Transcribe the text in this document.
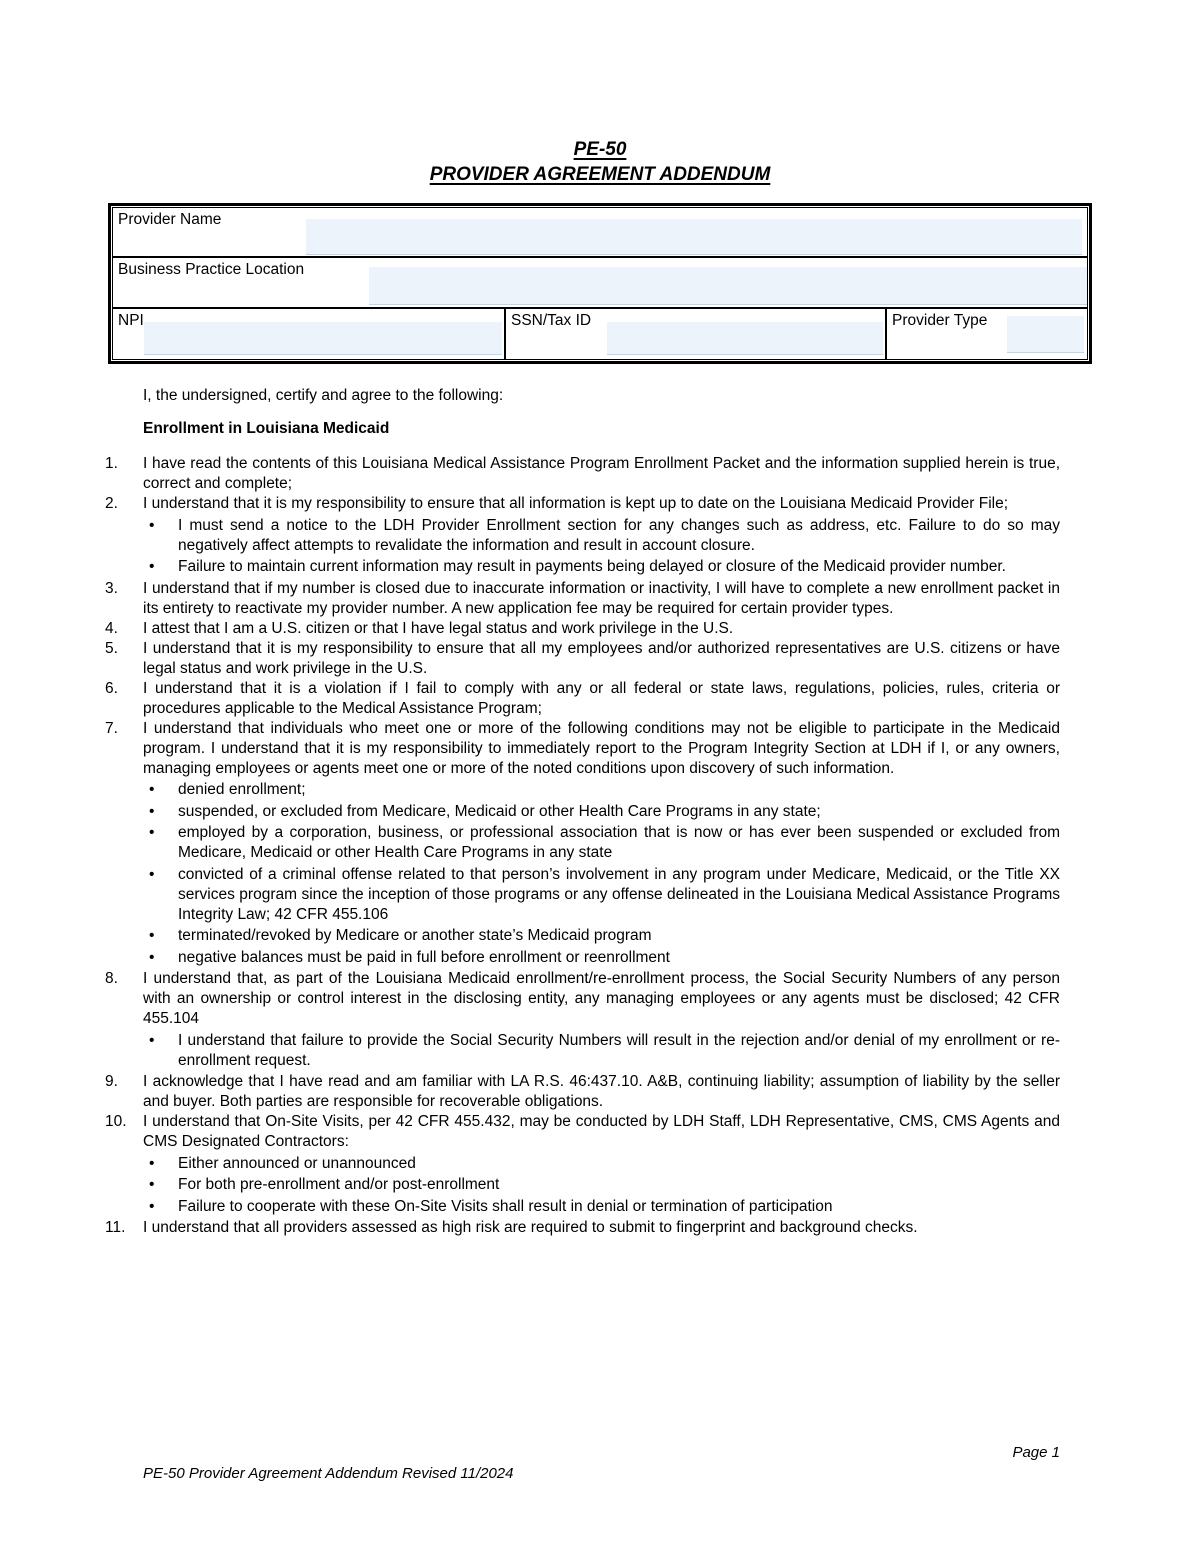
PE-50
PROVIDER AGREEMENT ADDENDUM
Provider Name
Business Practice Location
NPI	SSN/Tax ID	Provider Type
I, the undersigned, certify and agree to the following:
Enrollment in Louisiana Medicaid
1.	I have read the contents of this Louisiana Medical Assistance Program Enrollment Packet and the information supplied herein is true, correct and complete;
2.	I understand that it is my responsibility to ensure that all information is kept up to date on the Louisiana Medicaid Provider File;
•	I must send a notice to the LDH Provider Enrollment section for any changes such as address, etc. Failure to do so may negatively affect attempts to revalidate the information and result in account closure.
•	Failure to maintain current information may result in payments being delayed or closure of the Medicaid provider number.
3.	I understand that if my number is closed due to inaccurate information or inactivity, I will have to complete a new enrollment packet in its entirety to reactivate my provider number. A new application fee may be required for certain provider types.
4.	I attest that I am a U.S. citizen or that I have legal status and work privilege in the U.S.
5.	I understand that it is my responsibility to ensure that all my employees and/or authorized representatives are U.S. citizens or have legal status and work privilege in the U.S.
6.	I understand that it is a violation if I fail to comply with any or all federal or state laws, regulations, policies, rules, criteria or procedures applicable to the Medical Assistance Program;
7.	I understand that individuals who meet one or more of the following conditions may not be eligible to participate in the Medicaid program. I understand that it is my responsibility to immediately report to the Program Integrity Section at LDH if I, or any owners, managing employees or agents meet one or more of the noted conditions upon discovery of such information.
•	denied enrollment;
•	suspended, or excluded from Medicare, Medicaid or other Health Care Programs in any state;
•	employed by a corporation, business, or professional association that is now or has ever been suspended or excluded from Medicare, Medicaid or other Health Care Programs in any state
•	convicted of a criminal offense related to that person’s involvement in any program under Medicare, Medicaid, or the Title XX services program since the inception of those programs or any offense delineated in the Louisiana Medical Assistance Programs Integrity Law; 42 CFR 455.106
•	terminated/revoked by Medicare or another state’s Medicaid program
•	negative balances must be paid in full before enrollment or reenrollment
8.	I understand that, as part of the Louisiana Medicaid enrollment/re-enrollment process, the Social Security Numbers of any person with an ownership or control interest in the disclosing entity, any managing employees or any agents must be disclosed; 42 CFR 455.104
•	I understand that failure to provide the Social Security Numbers will result in the rejection and/or denial of my enrollment or re-enrollment request.
9.	I acknowledge that I have read and am familiar with LA R.S. 46:437.10. A&B, continuing liability; assumption of liability by the seller and buyer. Both parties are responsible for recoverable obligations.
10.	I understand that On-Site Visits, per 42 CFR 455.432, may be conducted by LDH Staff, LDH Representative, CMS, CMS Agents and CMS Designated Contractors:
•	Either announced or unannounced
•	For both pre-enrollment and/or post-enrollment
•	Failure to cooperate with these On-Site Visits shall result in denial or termination of participation
11.	I understand that all providers assessed as high risk are required to submit to fingerprint and background checks.
Page 1
PE-50 Provider Agreement Addendum Revised 11/2024
